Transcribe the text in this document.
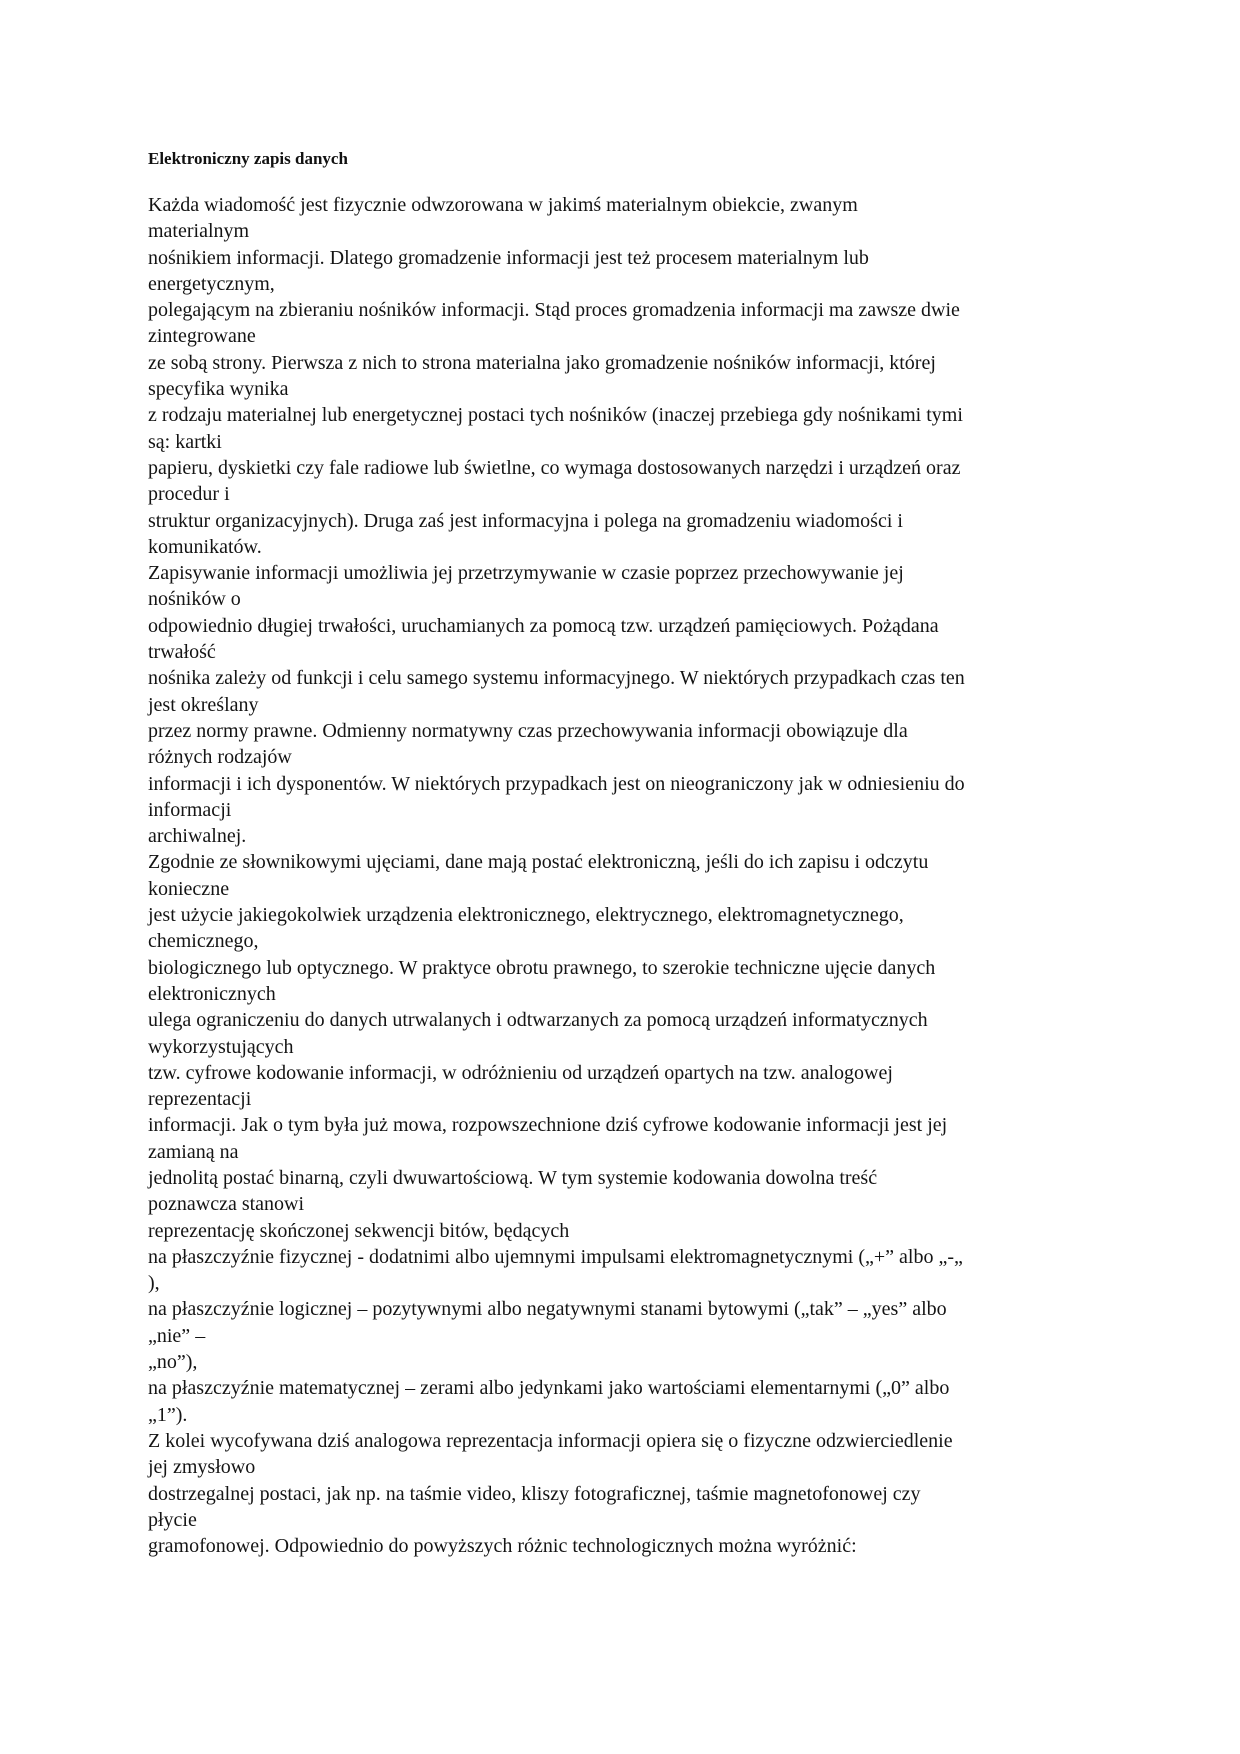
Elektroniczny zapis danych
Każda wiadomość jest fizycznie odwzorowana w jakimś materialnym obiekcie, zwanym
materialnym
nośnikiem informacji. Dlatego gromadzenie informacji jest też procesem materialnym lub
energetycznym,
polegającym na zbieraniu nośników informacji. Stąd proces gromadzenia informacji ma zawsze dwie
zintegrowane
ze sobą strony. Pierwsza z nich to strona materialna jako gromadzenie nośników informacji, której
specyfika wynika
z rodzaju materialnej lub energetycznej postaci tych nośników (inaczej przebiega gdy nośnikami tymi
są: kartki
papieru, dyskietki czy fale radiowe lub świetlne, co wymaga dostosowanych narzędzi i urządzeń oraz
procedur i
struktur organizacyjnych). Druga zaś jest informacyjna i polega na gromadzeniu wiadomości i
komunikatów.
Zapisywanie informacji umożliwia jej przetrzymywanie w czasie poprzez przechowywanie jej
nośników o
odpowiednio długiej trwałości, uruchamianych za pomocą tzw. urządzeń pamięciowych. Pożądana
trwałość
nośnika zależy od funkcji i celu samego systemu informacyjnego. W niektórych przypadkach czas ten
jest określany
przez normy prawne. Odmienny normatywny czas przechowywania informacji obowiązuje dla
różnych rodzajów
informacji i ich dysponentów. W niektórych przypadkach jest on nieograniczony jak w odniesieniu do
informacji
archiwalnej.
Zgodnie ze słownikowymi ujęciami, dane mają postać elektroniczną, jeśli do ich zapisu i odczytu
konieczne
jest użycie jakiegokolwiek urządzenia elektronicznego, elektrycznego, elektromagnetycznego,
chemicznego,
biologicznego lub optycznego. W praktyce obrotu prawnego, to szerokie techniczne ujęcie danych
elektronicznych
ulega ograniczeniu do danych utrwalanych i odtwarzanych za pomocą urządzeń informatycznych
wykorzystujących
tzw. cyfrowe kodowanie informacji, w odróżnieniu od urządzeń opartych na tzw. analogowej
reprezentacji
informacji. Jak o tym była już mowa, rozpowszechnione dziś cyfrowe kodowanie informacji jest jej
zamianą na
jednolitą postać binarną, czyli dwuwartościową. W tym systemie kodowania dowolna treść
poznawcza stanowi
reprezentację skończonej sekwencji bitów, będących
na płaszczyźnie fizycznej - dodatnimi albo ujemnymi impulsami elektromagnetycznymi („+” albo „-„
),
na płaszczyźnie logicznej – pozytywnymi albo negatywnymi stanami bytowymi („tak” – „yes” albo
„nie” –
„no”),
na płaszczyźnie matematycznej – zerami albo jedynkami jako wartościami elementarnymi („0” albo
„1”).
Z kolei wycofywana dziś analogowa reprezentacja informacji opiera się o fizyczne odzwierciedlenie
jej zmysłowo
dostrzegalnej postaci, jak np. na taśmie video, kliszy fotograficznej, taśmie magnetofonowej czy
płycie
gramofonowej. Odpowiednio do powyższych różnic technologicznych można wyróżnić:
